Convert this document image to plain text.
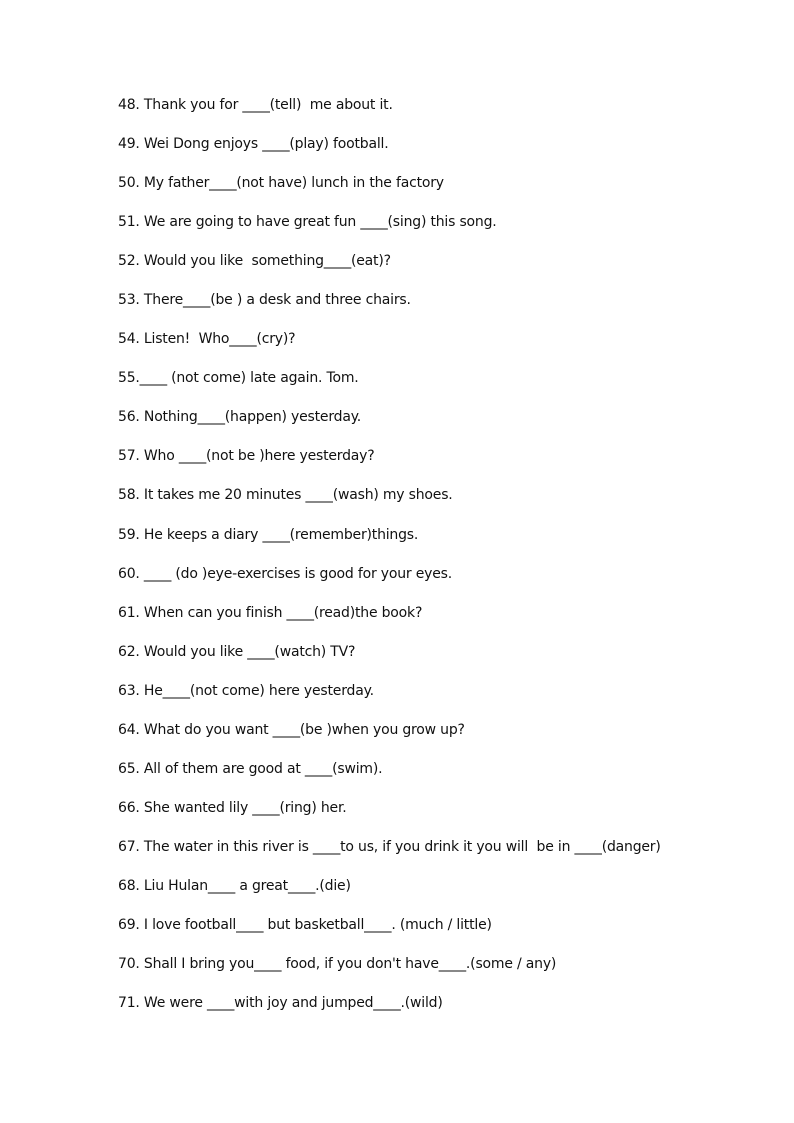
48. Thank you for ____(tell)  me about it.
49. Wei Dong enjoys ____(play) football.
50. My father____(not have) lunch in the factory
51. We are going to have great fun ____(sing) this song.
52. Would you like  something____(eat)?
53. There____(be ) a desk and three chairs.
54. Listen!  Who____(cry)?
55.____ (not come) late again. Tom.
56. Nothing____(happen) yesterday.
57. Who ____(not be )here yesterday?
58. It takes me 20 minutes ____(wash) my shoes.
59. He keeps a diary ____(remember)things.
60. ____ (do )eye-exercises is good for your eyes.
61. When can you finish ____(read)the book?
62. Would you like ____(watch) TV?
63. He____(not come) here yesterday.
64. What do you want ____(be )when you grow up?
65. All of them are good at ____(swim).
66. She wanted lily ____(ring) her.
67. The water in this river is ____to us, if you drink it you will  be in ____(danger)
68. Liu Hulan____ a great____.(die)
69. I love football____ but basketball____. (much / little)
70. Shall I bring you____ food, if you don't have____.(some / any)
71. We were ____with joy and jumped____.(wild)
